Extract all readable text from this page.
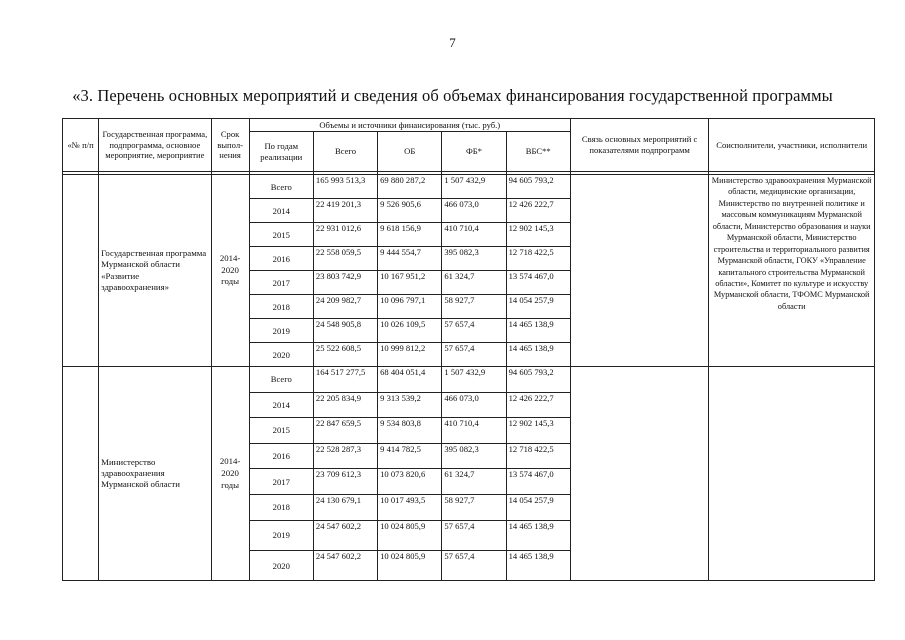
7
«3. Перечень основных мероприятий и сведения об объемах финансирования государственной программы
«№ п/п	Государственная программа, подпрограмма, основное мероприятие, мероприятие	Срок выпол-нения	Объемы и источники финансирования (тыс. руб.)					Связь основных мероприятий с показателями подпрограмм	Соисполнители, участники, исполнители
			По годам реализации	Всего	ОБ	ФБ*	ВБС**		

	Государственная программа Мурманской области «Развитие здравоохранения»	2014-2020 годы	Всего	165 993 513,3	69 880 287,2	1 507 432,9	94 605 793,2		Министерство здравоохранения Мурманской области, медицинские организации, Министерство по внутренней политике и массовым коммуникациям Мурманской области, Министерство образования и науки Мурманской области, Министерство строительства и территориального развития Мурманской области, ГОКУ «Управление капитального строительства Мурманской области», Комитет по культуре и искусству Мурманской области, ТФОМС Мурманской области
			2014	22 419 201,3	9 526 905,6	466 073,0	12 426 222,7		
			2015	22 931 012,6	9 618 156,9	410 710,4	12 902 145,3		
			2016	22 558 059,5	9 444 554,7	395 082,3	12 718 422,5		
			2017	23 803 742,9	10 167 951,2	61 324,7	13 574 467,0		
			2018	24 209 982,7	10 096 797,1	58 927,7	14 054 257,9		
			2019	24 548 905,8	10 026 109,5	57 657,4	14 465 138,9		
			2020	25 522 608,5	10 999 812,2	57 657,4	14 465 138,9		
	Министерство здравоохранения Мурманской области	2014-2020 годы	Всего	164 517 277,5	68 404 051,4	1 507 432,9	94 605 793,2		
			2014	22 205 834,9	9 313 539,2	466 073,0	12 426 222,7		
			2015	22 847 659,5	9 534 803,8	410 710,4	12 902 145,3		
			2016	22 528 287,3	9 414 782,5	395 082,3	12 718 422,5		
			2017	23 709 612,3	10 073 820,6	61 324,7	13 574 467,0		
			2018	24 130 679,1	10 017 493,5	58 927,7	14 054 257,9		
			2019	24 547 602,2	10 024 805,9	57 657,4	14 465 138,9		
			2020	24 547 602,2	10 024 805,9	57 657,4	14 465 138,9		
